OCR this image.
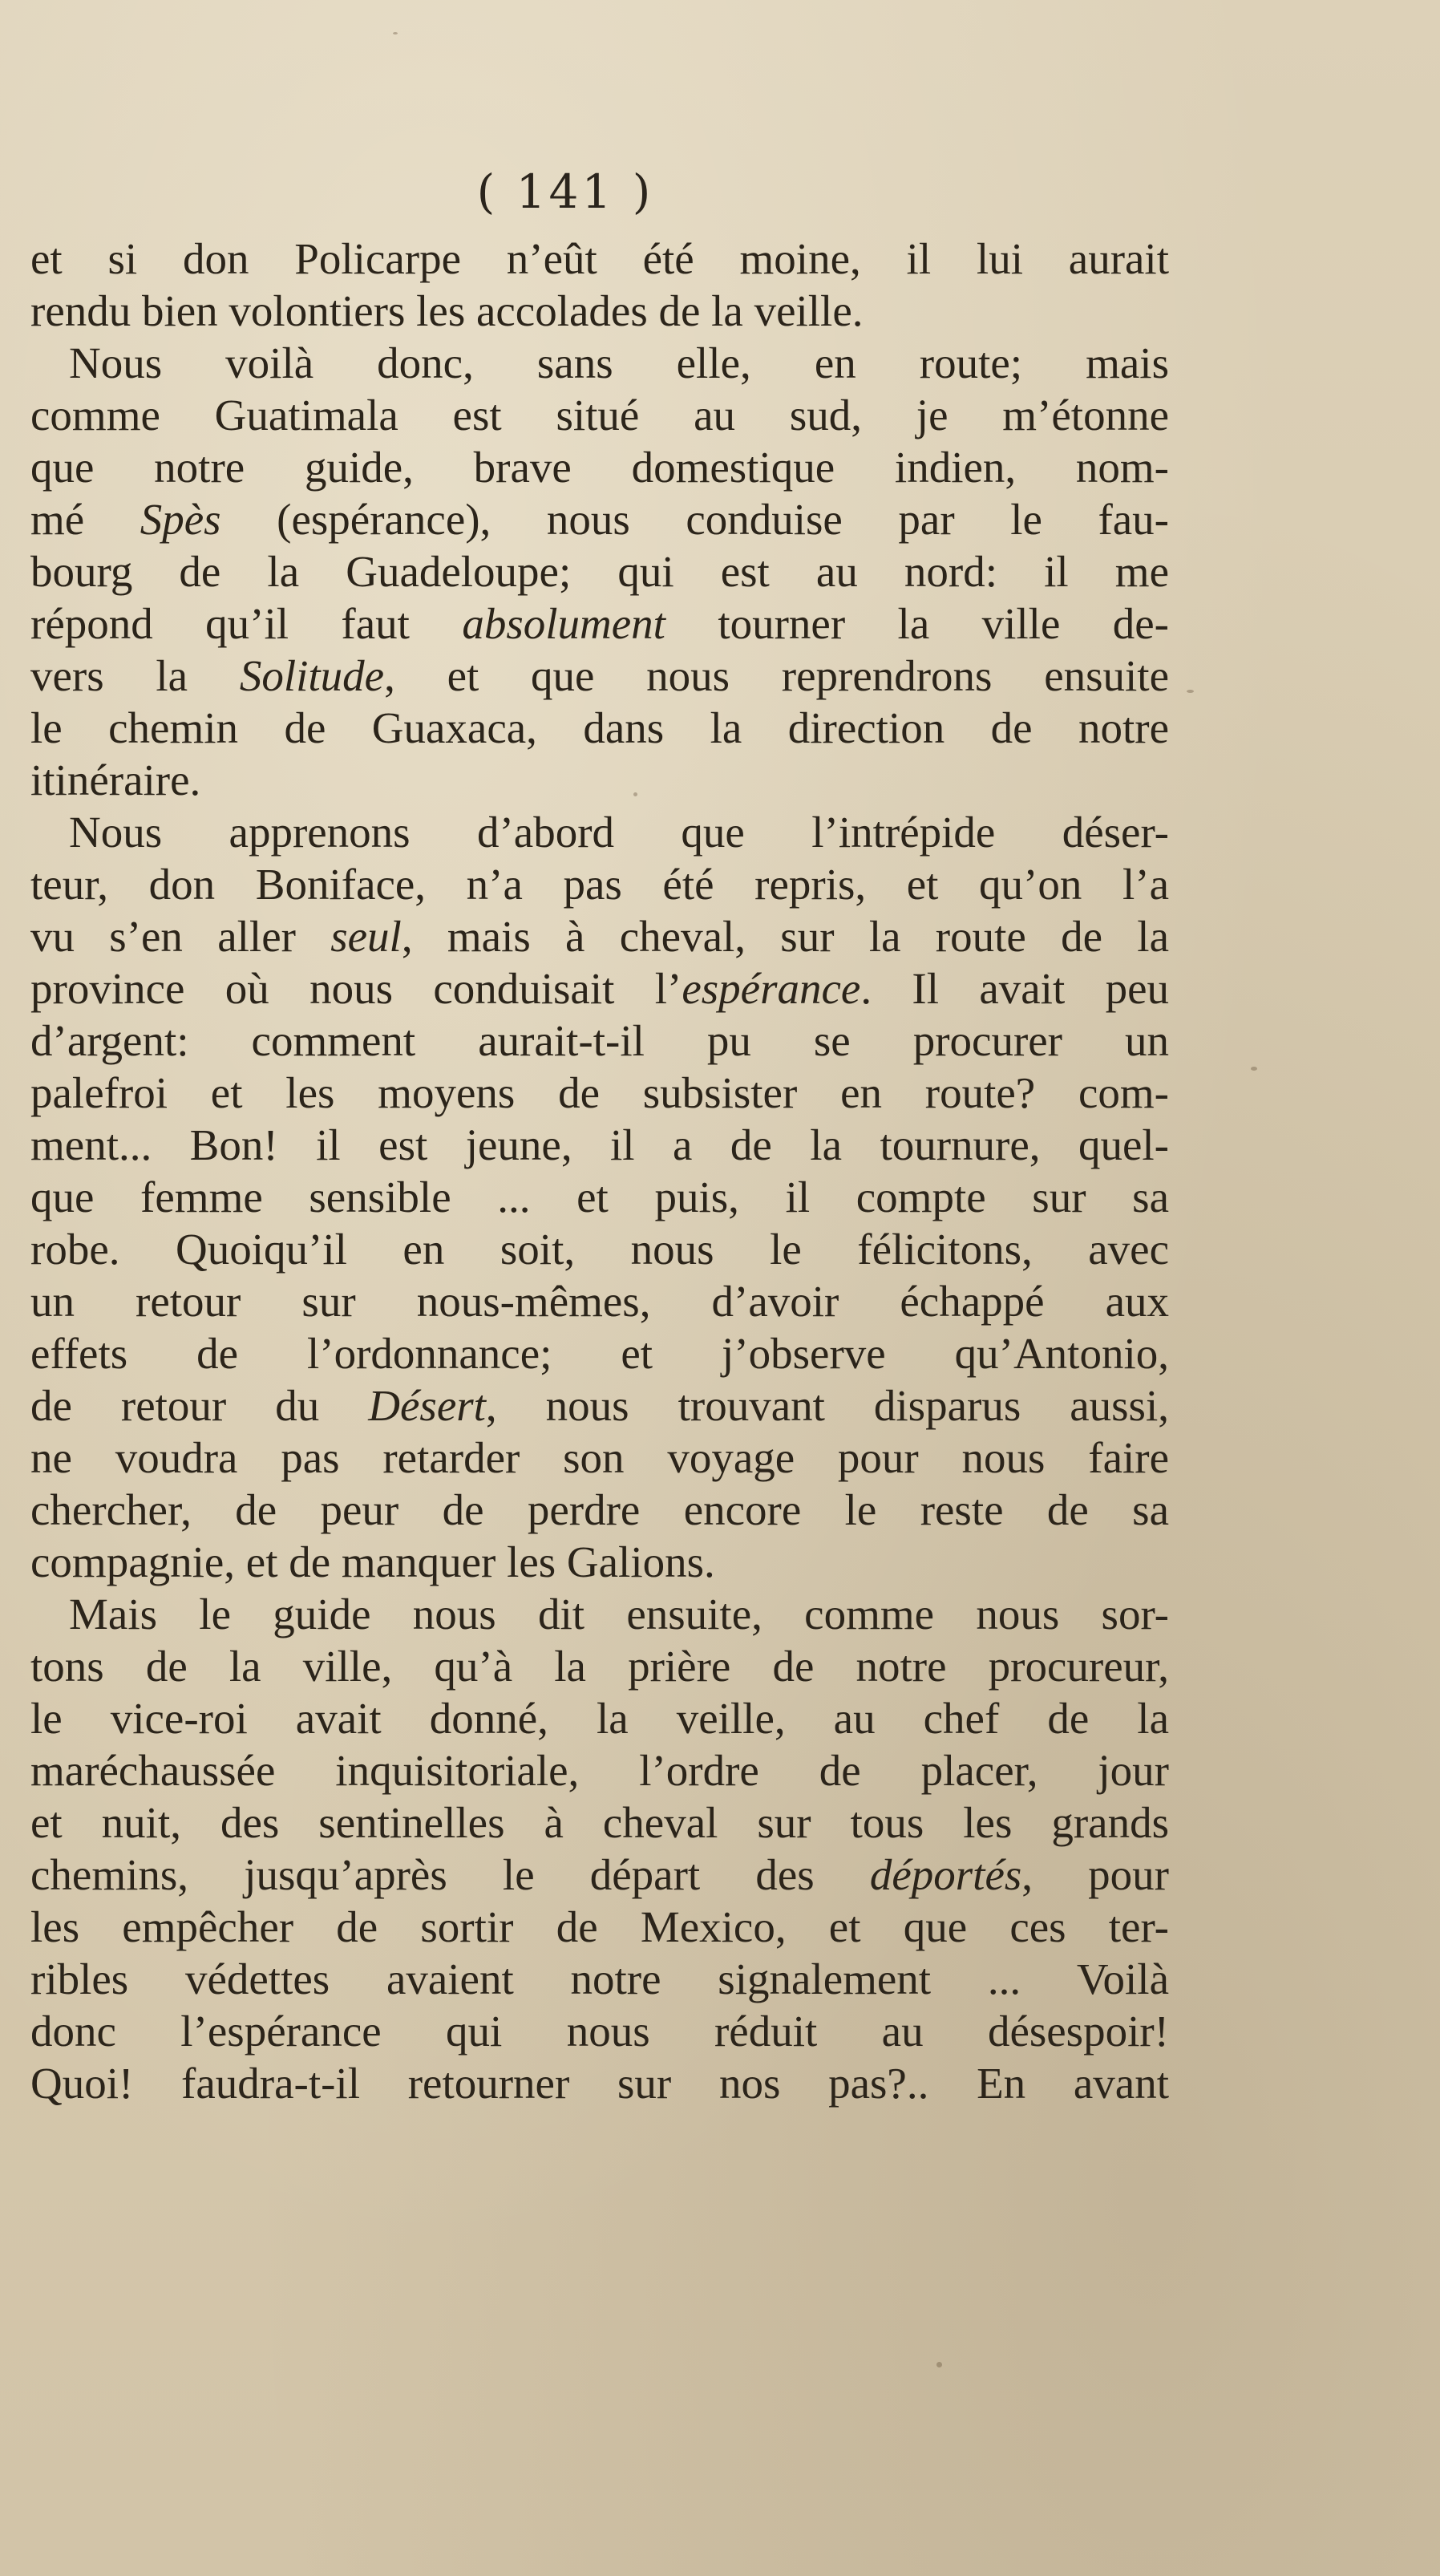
( 141 )
et si don Policarpe n’eût été moine, il lui aurait
rendu bien volontiers les accolades de la veille.
Nous voilà donc, sans elle, en route; mais
comme Guatimala est situé au sud, je m’étonne
que notre guide, brave domestique indien, nom-
mé Spès (espérance), nous conduise par le fau-
bourg de la Guadeloupe; qui est au nord: il me
répond qu’il faut absolument tourner la ville de-
vers la Solitude, et que nous reprendrons ensuite
le chemin de Guaxaca, dans la direction de notre
itinéraire.
Nous apprenons d’abord que l’intrépide déser-
teur, don Boniface, n’a pas été repris, et qu’on l’a
vu s’en aller seul, mais à cheval, sur la route de la
province où nous conduisait l’espérance. Il avait peu
d’argent: comment aurait-t-il pu se procurer un
palefroi et les moyens de subsister en route? com-
ment... Bon! il est jeune, il a de la tournure, quel-
que femme sensible ... et puis, il compte sur sa
robe. Quoiqu’il en soit, nous le félicitons, avec
un retour sur nous-mêmes, d’avoir échappé aux
effets de l’ordonnance; et j’observe qu’Antonio,
de retour du Désert, nous trouvant disparus aussi,
ne voudra pas retarder son voyage pour nous faire
chercher, de peur de perdre encore le reste de sa
compagnie, et de manquer les Galions.
Mais le guide nous dit ensuite, comme nous sor-
tons de la ville, qu’à la prière de notre procureur,
le vice-roi avait donné, la veille, au chef de la
maréchaussée inquisitoriale, l’ordre de placer, jour
et nuit, des sentinelles à cheval sur tous les grands
chemins, jusqu’après le départ des déportés, pour
les empêcher de sortir de Mexico, et que ces ter-
ribles védettes avaient notre signalement ... Voilà
donc l’espérance qui nous réduit au désespoir!
Quoi! faudra-t-il retourner sur nos pas?.. En avant
